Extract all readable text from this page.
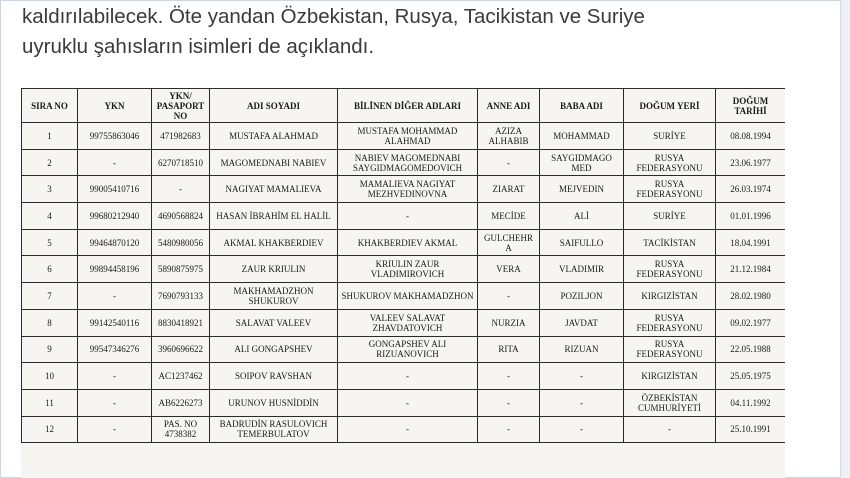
kaldırılabilecek. Öte yandan Özbekistan, Rusya, Tacikistan ve Suriye
uyruklu şahısların isimleri de açıklandı.
SIRA NO	YKN	YKN/ PASAPORT NO	ADI SOYADI	BİLİNEN DİĞER ADLARI	ANNE ADI	BABA ADI	DOĞUM YERİ	DOĞUM TARİHİ
1	99755863046	471982683	MUSTAFA ALAHMAD	MUSTAFA MOHAMMAD ALAHMAD	AZIZA ALHABIB	MOHAMMAD	SURİYE	08.08.1994
2	-	6270718510	MAGOMEDNABI NABIEV	NABIEV MAGOMEDNABI SAYGIDMAGOMEDOVICH	-	SAYGIDMAGO MED	RUSYA FEDERASYONU	23.06.1977
3	99005410716	-	NAGIYAT MAMALIEVA	MAMALIEVA NAGIYAT MEZHVEDINOVNA	ZIARAT	MEJVEDIN	RUSYA FEDERASYONU	26.03.1974
4	99680212940	4690568824	HASAN İBRAHİM EL HALİL	-	MECİDE	ALİ	SURİYE	01.01.1996
5	99464870120	5480980056	AKMAL KHAKBERDIEV	KHAKBERDIEV AKMAL	GULCHEHR A	SAIFULLO	TACİKİSTAN	18.04.1991
6	99894458196	5890875975	ZAUR KRIULIN	KRIULIN ZAUR VLADIMIROVICH	VERA	VLADIMIR	RUSYA FEDERASYONU	21.12.1984
7	-	7690793133	MAKHAMADZHON SHUKUROV	SHUKUROV MAKHAMADZHON	-	POZILJON	KIRGIZİSTAN	28.02.1980
8	99142540116	8830418921	SALAVAT VALEEV	VALEEV SALAVAT ZHAVDATOVICH	NURZIA	JAVDAT	RUSYA FEDERASYONU	09.02.1977
9	99547346276	3960696622	ALI GONGAPSHEV	GONGAPSHEV ALI RIZUANOVICH	RITA	RIZUAN	RUSYA FEDERASYONU	22.05.1988
10	-	AC1237462	SOIPOV RAVSHAN	-	-	-	KIRGIZİSTAN	25.05.1975
11	-	AB6226273	URUNOV HUSNİDDİN	-	-	-	ÖZBEKİSTAN CUMHURİYETİ	04.11.1992
12	-	PAS. NO 4738382	BADRUDİN RASULOVICH TEMERBULATOV	-	-	-	-	25.10.1991
